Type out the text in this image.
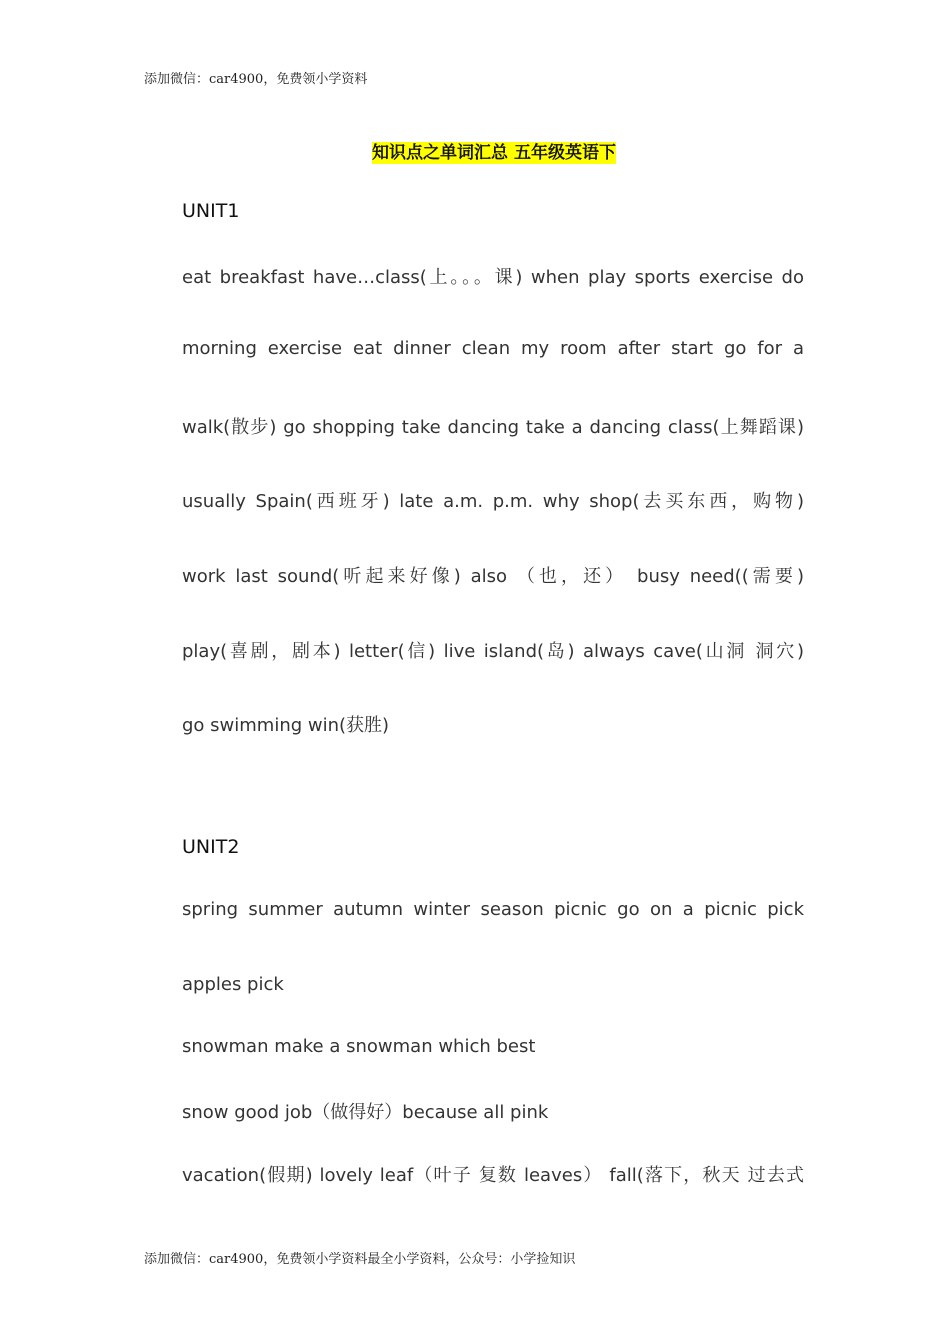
添加微信：car4900，免费领小学资料
知识点之单词汇总 五年级英语下
UNIT1
eat breakfast have…class(上。。。课) when play sports exercise do
morning exercise eat dinner clean my room after start go for a
walk(散步) go shopping take dancing take a dancing class(上舞蹈课)
usually Spain(西班牙) late a.m. p.m. why shop(去买东西，购物)
work last sound(听起来好像) also （也，还） busy need((需要)
play(喜剧，剧本) letter(信) live island(岛) always cave(山洞 洞穴)
go swimming win(获胜)
UNIT2
spring summer autumn winter season picnic go on a picnic pick
apples pick
snowman make a snowman which best
snow good job（做得好）because all pink
vacation(假期) lovely leaf（叶子 复数 leaves） fall(落下，秋天 过去式
添加微信：car4900，免费领小学资料最全小学资料，公众号：小学捡知识
